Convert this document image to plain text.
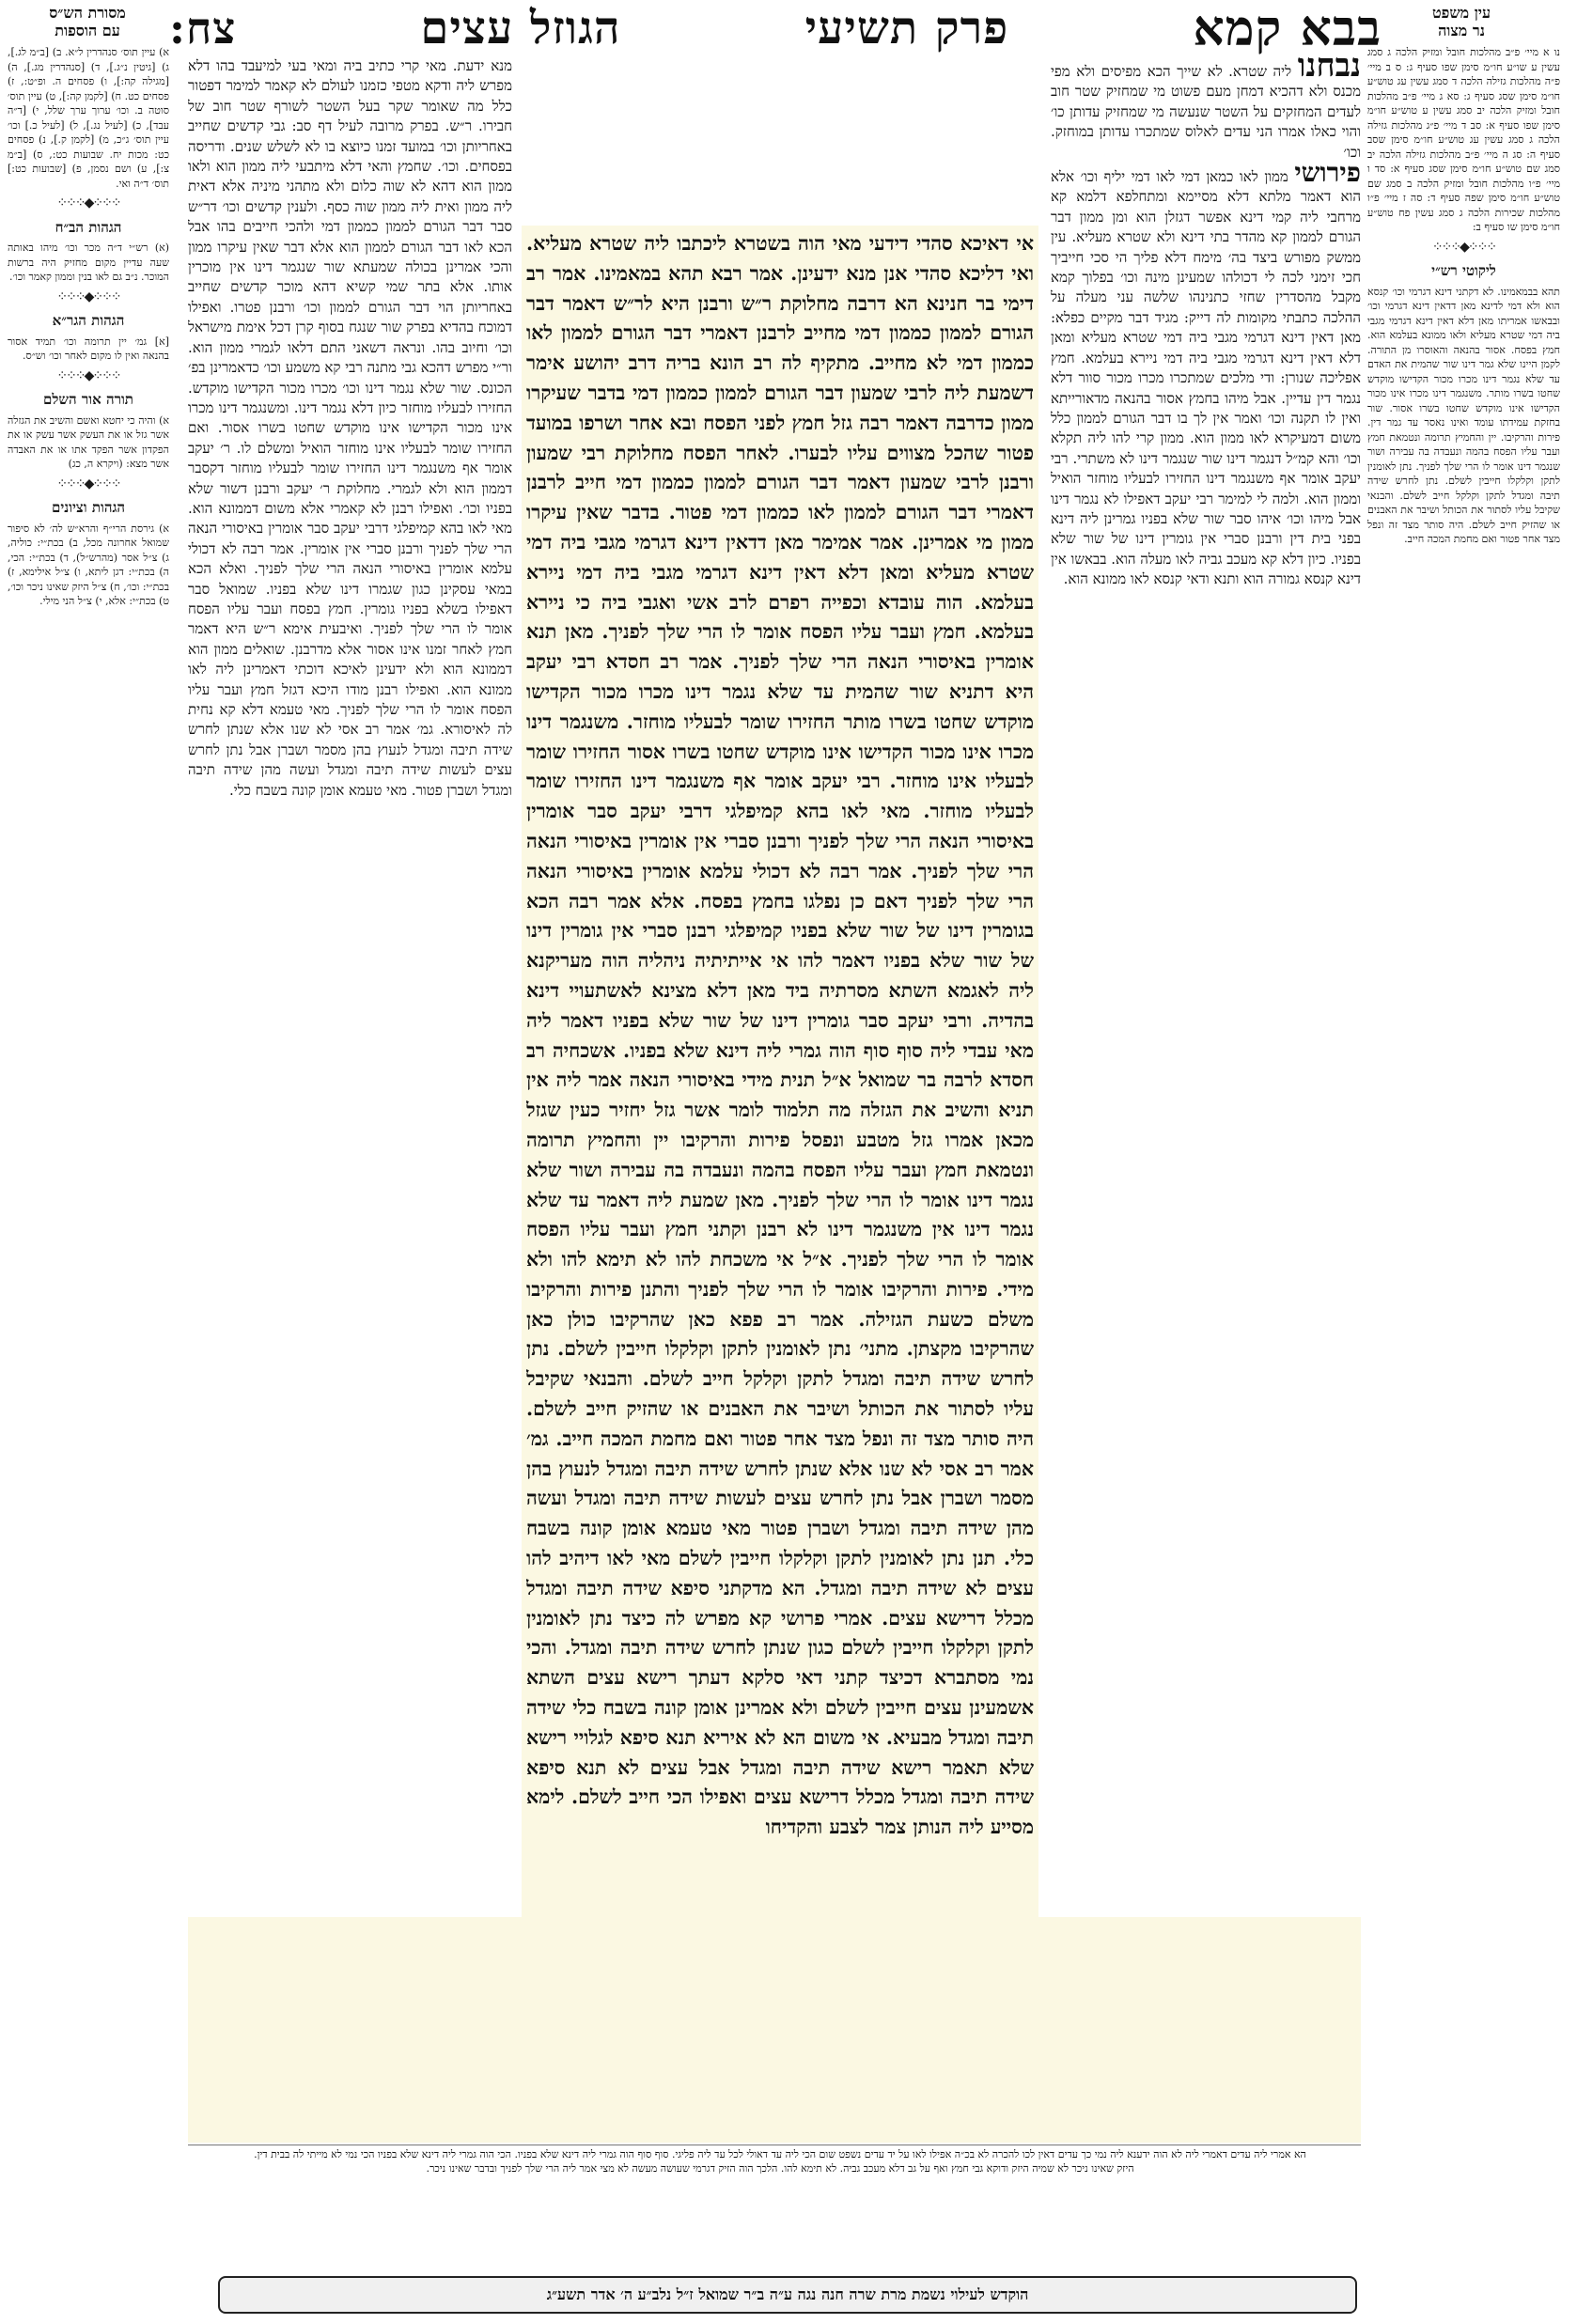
צח:	הגוזל עצים	פרק תשיעי	בבא קמא	עין משפט
נר מצוה
נו א מיי׳ פ״ב מהלכות חובל ומזיק הלכה ג סמג עשין ע שו״ע חו״מ סימן שפו סעיף ג: ס ב מיי׳ פ״ה מהלכות גזילה הלכה ד סמג עשין עג טוש״ע חו״מ סימן שסג סעיף ג: סא ג מיי׳ פ״ב מהלכות חובל ומזיק הלכה יב סמג עשין ע טוש״ע חו״מ סימן שפו סעיף א: סב ד מיי׳ פ״ג מהלכות גזילה הלכה ג סמג עשין עג טוש״ע חו״מ סימן שסב סעיף ה: סג ה מיי׳ פ״ב מהלכות גזילה הלכה יב סמג שם טוש״ע חו״מ סימן שסג סעיף א: סד ו מיי׳ פ״ו מהלכות חובל ומזיק הלכה ב סמג שם טוש״ע חו״מ סימן שפה סעיף ד: סה ז מיי׳ פ״ו מהלכות שכירות הלכה ג סמג עשין פח טוש״ע חו״מ סימן שו סעיף ב:
⁘⁘⁘◆⁘⁘⁘
ליקוטי רש״י
תהא בבמאמינו. לא דקתני דינא דגרמי וכו׳ קנסא הוא ולא דמי לדינא מאן דדאין דינא דגרמי וכו׳ ובבאשו אמריתו מאן דלא דאין דינא דגרמי מגבי ביה דמי שטרא מעליא ולאו ממונא בעלמא הוא. חמץ בפסח. אסור בהנאה והאוסרו מן התורה. לקמן היינו שלא גמר דינו שור שהמית את האדם עד שלא נגמר דינו מכרו מכור הקדישו מוקדש שחטו בשרו מותר. משנגמר דינו מכרו אינו מכור הקדישו אינו מוקדש שחטו בשרו אסור. שור בחזקת עמידתו עומד ואינו נאסר עד גמר דין. פירות והרקיבו. יין והחמיץ תרומה ונטמאת חמץ ועבר עליו הפסח בהמה ונעבדה בה עבירה ושור שנגמר דינו אומר לו הרי שלך לפניך. נתן לאומנין לתקן וקלקלו חייבין לשלם. נתן לחרש שידה תיבה ומגדל לתקן וקלקל חייב לשלם. והבנאי שקיבל עליו לסתור את הכותל ושיבר את האבנים או שהזיק חייב לשלם. היה סותר מצד זה ונפל מצד אחר פטור ואם מחמת המכה חייב.
מסורת הש״ס
עם הוספות
א) עיין תוס׳ סנהדרין ל״א. ב) [ב״מ לג.], ג) [גיטין נ״ג.], ד) [סנהדרין מג.], ה) [מגילה קה:], ו) פסחים ה. ופ״ט:, ז) פסחים כט. ח) [לקמן קה:], ט) עיין תוס׳ סוטה ב. וכו׳ ערוך ערך שלל, י) [ד״ה עבד], כ) [לעיל נג.], ל) [לעיל כ.] וכו׳ עיין תוס׳ ג״כ, מ) [לקמן ק.], נ) פסחים כט: מכות יח. שבועות כט:, ס) [ב״מ צ:], ע) ושם נסמן, פ) [שבועות כט:] תוס׳ ד״ה ואי.
⁘⁘⁘◆⁘⁘⁘
הגהות הב״ח
(א) רש״י ד״ה מכר וכו׳ מיהו באותה שעה עדיין מקום מחזיק היה ברשות המוכר. נ״ב גם לאו בנין וממון קאמר וכו׳.
⁘⁘⁘◆⁘⁘⁘
הגהות הגר״א
[א] גמ׳ יין תרומה וכו׳ תמיד אסור בהנאה ואין לו מקום לאחר וכו׳ וש״ס.
⁘⁘⁘◆⁘⁘⁘
תורה אור השלם
א) והיה כי יחטא ואשם והשיב את הגזלה אשר גזל או את העשק אשר עשק או את הפקדון אשר הפקד אתו או את האבדה אשר מצא: (ויקרא ה, כג)
⁘⁘⁘◆⁘⁘⁘
הגהות וציונים
א) גירסת הרי״ף והרא״ש לה׳ לא סיפור שמואל אחרונה מכל, ב) בכת״י: כוליה, ג) צ״ל אסר (מהרש״ל), ד) בכת״י: הכי, ה) בכת״י: דגן ליתא, ו) צ״ל אילימא, ז) בכת״י: וכו׳, ח) צ״ל היזק שאינו ניכר וכו׳, ט) בכת״י: אלא, י) צ״ל הני מילי.
נבחנו ליה שטרא. לא שייך הכא מפיסים ולא מפי מכנס ולא דהכיא דמחן מעם פשוט מי שמחזיק שטר חוב לעדים המחזקים על השטר שנעשה מי שמחזיק עדותן כו׳ והוי כאלו אמרו הני עדים לאלוס שמתכרו עדותן במוחזק. וכו׳
פירושי ממון לאו כמאן דמי לאו דמי יליף וכו׳ אלא הוא דאמר מלתא דלא מסיימא ומתחלפא דלמא קא מרחבי ליה קמי דינא אפשר דגזלן הוא ומן ממון דבר הגורם לממון קא מהדר בתי דינא ולא שטרא מעליא. עין ממשק מפורש ביצד בה׳ מימח דלא פליך הי סכי חייביך חכי זימני לכה לי דכולהו שמעינן מינה וכו׳ בפלוך קמא מקבל מהסדרין שחזי כתנינהו שלשה עני מעלה על ההלכה כתבתי מקומות לה דייק: מגיד דבר מקיים כפלא: מאן דאין דינא דגרמי מגבי ביה דמי שטרא מעליא ומאן דלא דאין דינא דגרמי מגבי ביה דמי ניירא בעלמא. חמץ אפליכה שנורן: ודי מלכים שמתכרו מכרו מכור סוור דלא נגמר דין עדיין. אבל מיהו בחמץ אסור בהנאה מדאורייתא ואין לו תקנה וכו׳ ואמר אין לך בו דבר הגורם לממון כלל משום דמעיקרא לאו ממון הוא. ממון קרי להו ליה תקלא וכו׳ והא קמ״ל דנגמר דינו שור שנגמר דינו לא משתרי. רבי יעקב אומר אף משנגמר דינו החזירו לבעליו מוחזר הואיל וממון הוא. ולמה לי למימר רבי יעקב דאפילו לא נגמר דינו אבל מיהו וכו׳ איהו סבר שור שלא בפניו גמרינן ליה דינא בפני בית דין ורבנן סברי אין גומרין דינו של שור שלא בפניו. כיון דלא קא מעכב גביה לאו מעלה הוא. בבאשו אין דינא קנסא גמורה הוא ותנא ודאי קנסא לאו ממונא הוא.
מנא ידעת. מאי קרי כתיב ביה ומאי בעי למיעבד בהו דלא מפרש ליה ודקא מטפי כזמנו לעולם לא קאמר למימר דפטור כלל מה שאומר שקר בעל השטר לשורף שטר חוב של חבירו. ר״ש. בפרק מרובה לעיל דף סב: גבי קדשים שחייב באחריותן וכו׳ במועד זמנו כיוצא בו לא לשלש שנים. ודריסה בפסחים. וכו׳. שחמץ והאי דלא מיתבעי ליה ממון הוא ולאו ממון הוא דהא לא שוה כלום ולא מתהני מיניה אלא דאית ליה ממון ואית ליה ממון שוה כסף. ולענין קדשים וכו׳ דר״ש סבר דבר הגורם לממון כממון דמי ולהכי חייבים בהו אבל הכא לאו דבר הגורם לממון הוא אלא דבר שאין עיקרו ממון והכי אמרינן בכולה שמעתא שור שנגמר דינו אין מוכרין אותו. אלא בתר שמי קשיא דהא מוכר קדשים שחייב באחריותן הוי דבר הגורם לממון וכו׳ ורבנן פטרו. ואפילו דמוכח בהדיא בפרק שור שנגח בסוף קרן דכל אימת מישראל וכו׳ וחיוב בהו. ונראה דשאני התם דלאו לגמרי ממון הוא. ור״י מפרש דהכא גבי מתנה רבי קא משמע וכו׳ כדאמרינן בפ׳ הכונס. שור שלא נגמר דינו וכו׳ מכרו מכור הקדישו מוקדש. החזירו לבעליו מוחזר כיון דלא נגמר דינו. ומשנגמר דינו מכרו אינו מכור הקדישו אינו מוקדש שחטו בשרו אסור. ואם החזירו שומר לבעליו אינו מוחזר הואיל ומשלם לו. ר׳ יעקב אומר אף משנגמר דינו החזירו שומר לבעליו מוחזר דקסבר דממון הוא ולא לגמרי. מחלוקת ר׳ יעקב ורבנן דשור שלא בפניו וכו׳. ואפילו רבנן לא קאמרי אלא משום דממונא הוא. מאי לאו בהא קמיפלגי דרבי יעקב סבר אומרין באיסורי הנאה הרי שלך לפניך ורבנן סברי אין אומרין. אמר רבה לא דכולי עלמא אומרין באיסורי הנאה הרי שלך לפניך. ואלא הכא במאי עסקינן כגון שגמרו דינו שלא בפניו. שמואל סבר דאפילו בשלא בפניו גומרין. חמץ בפסח ועבר עליו הפסח אומר לו הרי שלך לפניך. ואיבעית אימא ר״ש היא דאמר חמץ לאחר זמנו אינו אסור אלא מדרבנן. שואלים ממון הוא דממונא הוא ולא ידעינן לאיכא דוכתי דאמרינן ליה לאו ממונא הוא. ואפילו רבנן מודו היכא דגזל חמץ ועבר עליו הפסח אומר לו הרי שלך לפניך. מאי טעמא דלא קא נחית לה לאיסורא. גמ׳ אמר רב אסי לא שנו אלא שנתן לחרש שידה תיבה ומגדל לנעוץ בהן מסמר ושברן אבל נתן לחרש עצים לעשות שידה תיבה ומגדל ועשה מהן שידה תיבה ומגדל ושברן פטור. מאי טעמא אומן קונה בשבח כלי.
אי דאיכא סהדי דידעי מאי הוה בשטרא ליכתבו ליה שטרא מעליא. ואי דליכא סהדי אנן מנא ידעינן. אמר רבא תהא במאמינו. אמר רב דימי בר חנינא הא דרבה מחלוקת ר״ש ורבנן היא לר״ש דאמר דבר הגורם לממון כממון דמי מחייב לרבנן דאמרי דבר הגורם לממון לאו כממון דמי לא מחייב. מתקיף לה רב הונא בריה דרב יהושע אימר דשמעת ליה לרבי שמעון דבר הגורם לממון כממון דמי בדבר שעיקרו ממון כדרבה דאמר רבה גזל חמץ לפני הפסח ובא אחר ושרפו במועד פטור שהכל מצווים עליו לבערו. לאחר הפסח מחלוקת רבי שמעון ורבנן לרבי שמעון דאמר דבר הגורם לממון כממון דמי חייב לרבנן דאמרי דבר הגורם לממון לאו כממון דמי פטור. בדבר שאין עיקרו ממון מי אמרינן. אמר אמימר מאן דדאין דינא דגרמי מגבי ביה דמי שטרא מעליא ומאן דלא דאין דינא דגרמי מגבי ביה דמי ניירא בעלמא. הוה עובדא וכפייה רפרם לרב אשי ואגבי ביה כי ניירא בעלמא. חמץ ועבר עליו הפסח אומר לו הרי שלך לפניך. מאן תנא אומרין באיסורי הנאה הרי שלך לפניך. אמר רב חסדא רבי יעקב היא דתניא שור שהמית עד שלא נגמר דינו מכרו מכור הקדישו מוקדש שחטו בשרו מותר החזירו שומר לבעליו מוחזר. משנגמר דינו מכרו אינו מכור הקדישו אינו מוקדש שחטו בשרו אסור החזירו שומר לבעליו אינו מוחזר. רבי יעקב אומר אף משנגמר דינו החזירו שומר לבעליו מוחזר. מאי לאו בהא קמיפלגי דרבי יעקב סבר אומרין באיסורי הנאה הרי שלך לפניך ורבנן סברי אין אומרין באיסורי הנאה הרי שלך לפניך. אמר רבה לא דכולי עלמא אומרין באיסורי הנאה הרי שלך לפניך דאם כן נפלגו בחמץ בפסח. אלא אמר רבה הכא בגומרין דינו של שור שלא בפניו קמיפלגי רבנן סברי אין גומרין דינו של שור שלא בפניו דאמר להו אי אייתיתיה ניהליה הוה מעריקנא ליה לאגמא השתא מסרתיה ביד מאן דלא מצינא לאשתעויי דינא בהדיה. ורבי יעקב סבר גומרין דינו של שור שלא בפניו דאמר ליה מאי עבדי ליה סוף סוף הוה גמרי ליה דינא שלא בפניו. אשכחיה רב חסדא לרבה בר שמואל א״ל תנית מידי באיסורי הנאה אמר ליה אין תניא והשיב את הגזלה מה תלמוד לומר אשר גזל יחזיר כעין שגזל מכאן אמרו גזל מטבע ונפסל פירות והרקיבו יין והחמיץ תרומה ונטמאת חמץ ועבר עליו הפסח בהמה ונעבדה בה עבירה ושור שלא נגמר דינו אומר לו הרי שלך לפניך. מאן שמעת ליה דאמר עד שלא נגמר דינו אין משנגמר דינו לא רבנן וקתני חמץ ועבר עליו הפסח אומר לו הרי שלך לפניך. א״ל אי משכחת להו לא תימא להו ולא מידי. פירות והרקיבו אומר לו הרי שלך לפניך והתנן פירות והרקיבו משלם כשעת הגזילה. אמר רב פפא כאן שהרקיבו כולן כאן שהרקיבו מקצתן. מתני׳ נתן לאומנין לתקן וקלקלו חייבין לשלם. נתן לחרש שידה תיבה ומגדל לתקן וקלקל חייב לשלם. והבנאי שקיבל עליו לסתור את הכותל ושיבר את האבנים או שהזיק חייב לשלם. היה סותר מצד זה ונפל מצד אחר פטור ואם מחמת המכה חייב. גמ׳ אמר רב אסי לא שנו אלא שנתן לחרש שידה תיבה ומגדל לנעוץ בהן מסמר ושברן אבל נתן לחרש עצים לעשות שידה תיבה ומגדל ועשה מהן שידה תיבה ומגדל ושברן פטור מאי טעמא אומן קונה בשבח כלי. תנן נתן לאומנין לתקן וקלקלו חייבין לשלם מאי לאו דיהיב להו עצים לא שידה תיבה ומגדל. הא מדקתני סיפא שידה תיבה ומגדל מכלל דרישא עצים. אמרי פרושי קא מפרש לה כיצד נתן לאומנין לתקן וקלקלו חייבין לשלם כגון שנתן לחרש שידה תיבה ומגדל. והכי נמי מסתברא דכיצד קתני דאי סלקא דעתך רישא עצים השתא אשמעינן עצים חייבין לשלם ולא אמרינן אומן קונה בשבח כלי שידה תיבה ומגדל מבעיא. אי משום הא לא איריא תנא סיפא לגלויי רישא שלא תאמר רישא שידה תיבה ומגדל אבל עצים לא תנא סיפא שידה תיבה ומגדל מכלל דרישא עצים ואפילו הכי חייב לשלם. לימא מסייע ליה הנותן צמר לצבע והקדיחו
הא אמרי ליה עדים דאמרי ליה לא הוה ידענא ליה נמי כך עדים דאין לכו להכרה לא בכ״ה אפילו לאו על יד עדים נשפט שום הכי ליה עד דאולי לכל עד ליה פליגי. סוף סוף הוה גמרי ליה דינא שלא בפניו. הכי הוה גמרי ליה דינא שלא בפניו הכי נמי לא מייתי לה בבית דין.
היזק שאינו ניכר לא שמיה היזק ודוקא גבי חמץ ואף על גב דלא מעכב גביה. לא תימא להו. הלכך הוה הזיק דגרמי שעושה מעשה לא מצי אמר ליה הרי שלך לפניך ובדבר שאינו ניכר.
הוקדש לעילוי נשמת מרת שרה חנה נגה ע״ה ב״ר שמואל ז״ל נלב״ע ה׳ אדר תשע״ג
